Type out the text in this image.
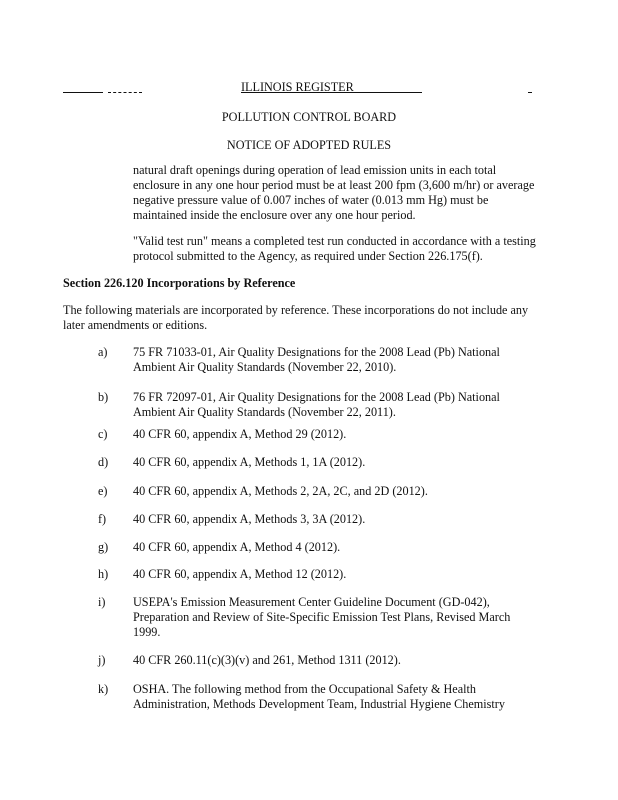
ILLINOIS REGISTER
POLLUTION CONTROL BOARD
NOTICE OF ADOPTED RULES

natural draft openings during operation of lead emission units in each total enclosure in any one hour period must be at least 200 fpm (3,600 m/hr) or average negative pressure value of 0.007 inches of water (0.013 mm Hg) must be maintained inside the enclosure over any one hour period.

"Valid test run" means a completed test run conducted in accordance with a testing protocol submitted to the Agency, as required under Section 226.175(f).

Section 226.120 Incorporations by Reference

The following materials are incorporated by reference. These incorporations do not include any later amendments or editions.

a) 75 FR 71033-01, Air Quality Designations for the 2008 Lead (Pb) National Ambient Air Quality Standards (November 22, 2010).
b) 76 FR 72097-01, Air Quality Designations for the 2008 Lead (Pb) National Ambient Air Quality Standards (November 22, 2011).
c) 40 CFR 60, appendix A, Method 29 (2012).
d) 40 CFR 60, appendix A, Methods 1, 1A (2012).
e) 40 CFR 60, appendix A, Methods 2, 2A, 2C, and 2D (2012).
f) 40 CFR 60, appendix A, Methods 3, 3A (2012).
g) 40 CFR 60, appendix A, Method 4 (2012).
h) 40 CFR 60, appendix A, Method 12 (2012).
i) USEPA's Emission Measurement Center Guideline Document (GD-042), Preparation and Review of Site-Specific Emission Test Plans, Revised March 1999.
j) 40 CFR 260.11(c)(3)(v) and 261, Method 1311 (2012).
k) OSHA. The following method from the Occupational Safety & Health Administration, Methods Development Team, Industrial Hygiene Chemistry
